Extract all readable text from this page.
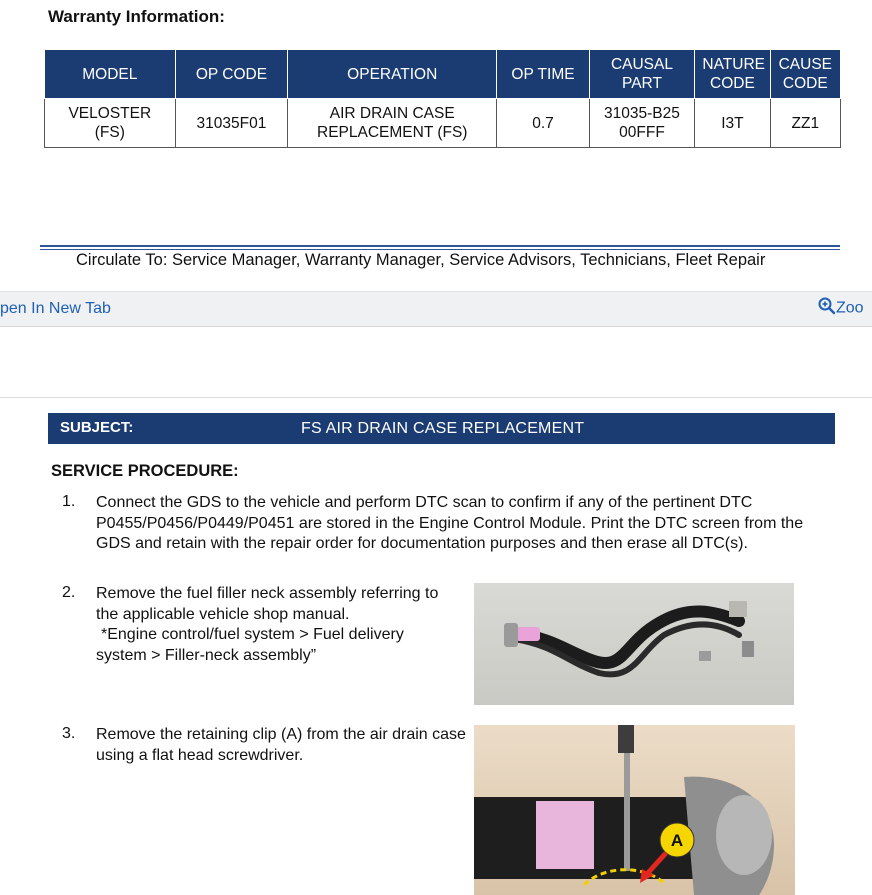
Warranty Information:
MODEL	OP CODE	OPERATION	OP TIME	CAUSAL PART	NATURE CODE	CAUSE CODE

VELOSTER (FS)	31035F01	AIR DRAIN CASE REPLACEMENT (FS)	0.7	31035-B2500FFF	I3T	ZZ1
Circulate To: Service Manager, Warranty Manager, Service Advisors, Technicians, Fleet Repair
pen In New Tab	Zoo
SUBJECT:	FS AIR DRAIN CASE REPLACEMENT
SERVICE PROCEDURE:
1. Connect the GDS to the vehicle and perform DTC scan to confirm if any of the pertinent DTC P0455/P0456/P0449/P0451 are stored in the Engine Control Module. Print the DTC screen from the GDS and retain with the repair order for documentation purposes and then erase all DTC(s).
2. Remove the fuel filler neck assembly referring to the applicable vehicle shop manual.
*Engine control/fuel system > Fuel delivery system > Filler-neck assembly”
3. Remove the retaining clip (A) from the air drain case using a flat head screwdriver.
A
